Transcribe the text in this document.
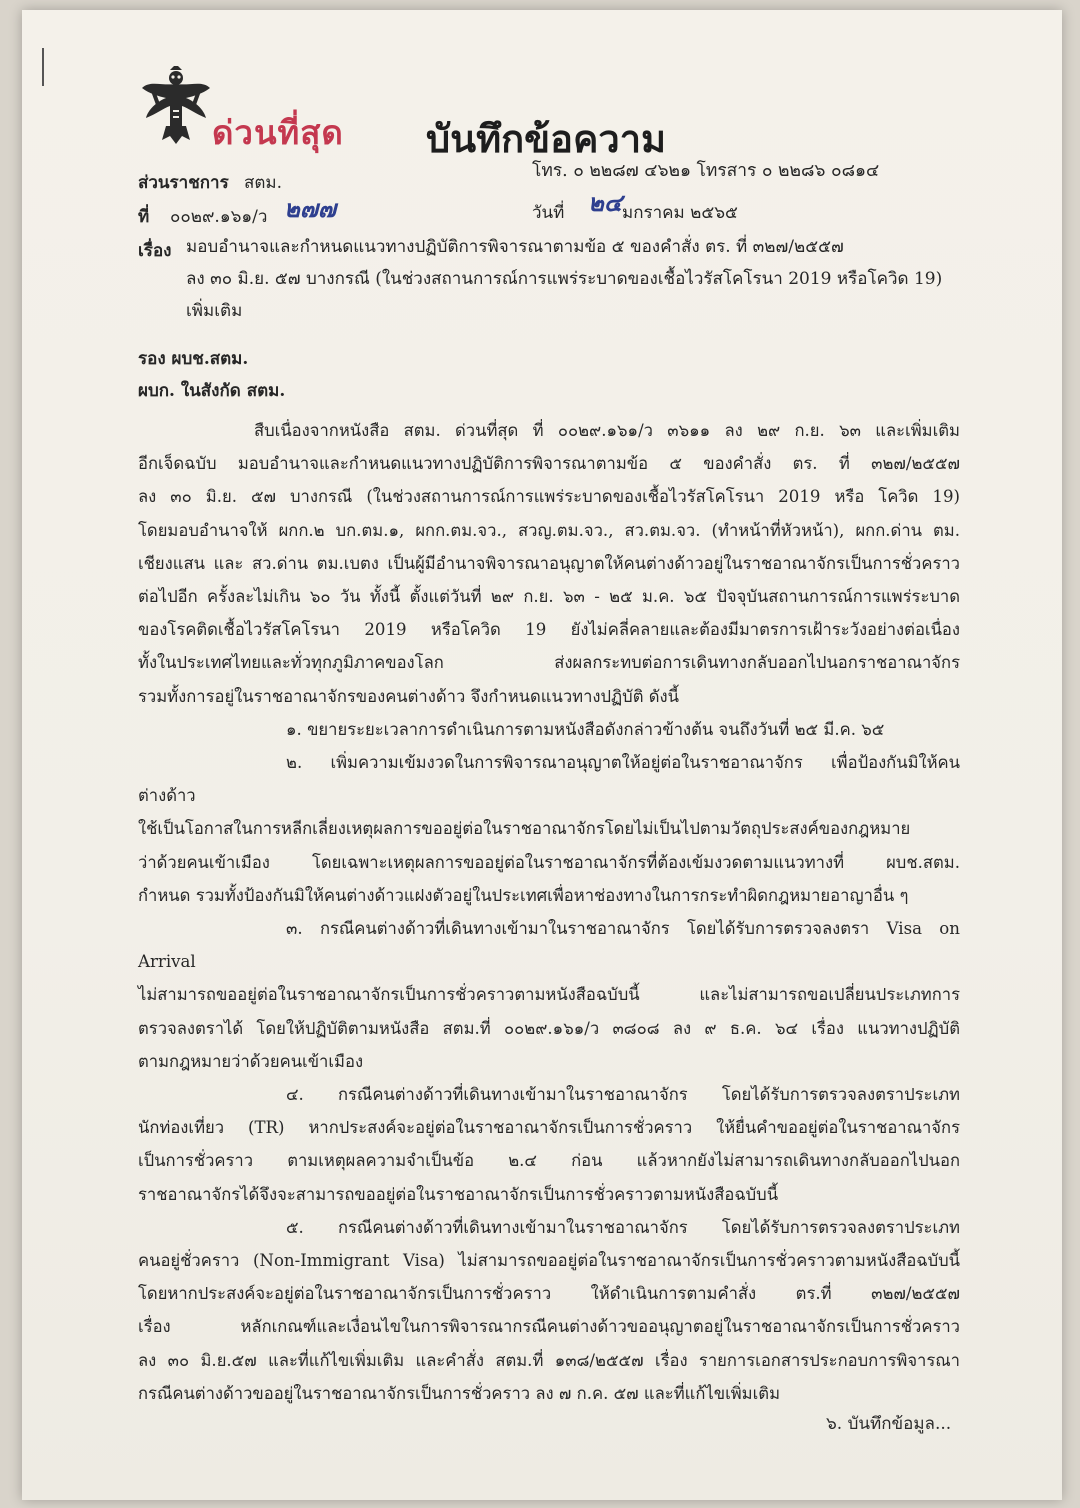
ด่วนที่สุด บันทึกข้อความ
ส่วนราชการ สตม.
โทร. ๐ ๒๒๘๗ ๔๖๒๑ โทรสาร ๐ ๒๒๘๖ ๐๘๑๔
ที่ ๐๐๒๙.๑๖๑/ว ๒๗๗	วันที่ ๒๔ มกราคม ๒๕๖๕
เรื่อง มอบอำนาจและกำหนดแนวทางปฏิบัติการพิจารณาตามข้อ ๕ ของคำสั่ง ตร. ที่ ๓๒๗/๒๕๕๗
ลง ๓๐ มิ.ย. ๕๗ บางกรณี (ในช่วงสถานการณ์การแพร่ระบาดของเชื้อไวรัสโคโรนา 2019 หรือโควิด 19)
เพิ่มเติม
รอง ผบช.สตม.
ผบก. ในสังกัด สตม.

สืบเนื่องจากหนังสือ สตม. ด่วนที่สุด ที่ ๐๐๒๙.๑๖๑/ว ๓๖๑๑ ลง ๒๙ ก.ย. ๖๓ และเพิ่มเติม

อีกเจ็ดฉบับ มอบอำนาจและกำหนดแนวทางปฏิบัติการพิจารณาตามข้อ ๕ ของคำสั่ง ตร. ที่ ๓๒๗/๒๕๕๗

ลง ๓๐ มิ.ย. ๕๗ บางกรณี (ในช่วงสถานการณ์การแพร่ระบาดของเชื้อไวรัสโคโรนา 2019 หรือ โควิด 19)

โดยมอบอำนาจให้ ผกก.๒ บก.ตม.๑, ผกก.ตม.จว., สวญ.ตม.จว., สว.ตม.จว. (ทำหน้าที่หัวหน้า), ผกก.ด่าน ตม.

เชียงแสน และ สว.ด่าน ตม.เบตง เป็นผู้มีอำนาจพิจารณาอนุญาตให้คนต่างด้าวอยู่ในราชอาณาจักรเป็นการชั่วคราว

ต่อไปอีก ครั้งละไม่เกิน ๖๐ วัน ทั้งนี้ ตั้งแต่วันที่ ๒๙ ก.ย. ๖๓ - ๒๕ ม.ค. ๖๕ ปัจจุบันสถานการณ์การแพร่ระบาด

ของโรคติดเชื้อไวรัสโคโรนา 2019 หรือโควิด 19 ยังไม่คลี่คลายและต้องมีมาตรการเฝ้าระวังอย่างต่อเนื่อง

ทั้งในประเทศไทยและทั่วทุกภูมิภาคของโลก ส่งผลกระทบต่อการเดินทางกลับออกไปนอกราชอาณาจักร

รวมทั้งการอยู่ในราชอาณาจักรของคนต่างด้าว จึงกำหนดแนวทางปฏิบัติ ดังนี้

๑. ขยายระยะเวลาการดำเนินการตามหนังสือดังกล่าวข้างต้น จนถึงวันที่ ๒๕ มี.ค. ๖๕

๒. เพิ่มความเข้มงวดในการพิจารณาอนุญาตให้อยู่ต่อในราชอาณาจักร เพื่อป้องกันมิให้คนต่างด้าว

ใช้เป็นโอกาสในการหลีกเลี่ยงเหตุผลการขออยู่ต่อในราชอาณาจักรโดยไม่เป็นไปตามวัตถุประสงค์ของกฎหมาย

ว่าด้วยคนเข้าเมือง โดยเฉพาะเหตุผลการขออยู่ต่อในราชอาณาจักรที่ต้องเข้มงวดตามแนวทางที่ ผบช.สตม.

กำหนด รวมทั้งป้องกันมิให้คนต่างด้าวแฝงตัวอยู่ในประเทศเพื่อหาช่องทางในการกระทำผิดกฎหมายอาญาอื่น ๆ

๓. กรณีคนต่างด้าวที่เดินทางเข้ามาในราชอาณาจักร โดยได้รับการตรวจลงตรา Visa on Arrival

ไม่สามารถขออยู่ต่อในราชอาณาจักรเป็นการชั่วคราวตามหนังสือฉบับนี้ และไม่สามารถขอเปลี่ยนประเภทการ

ตรวจลงตราได้ โดยให้ปฏิบัติตามหนังสือ สตม.ที่ ๐๐๒๙.๑๖๑/ว ๓๘๐๘ ลง ๙ ธ.ค. ๖๔ เรื่อง แนวทางปฏิบัติ

ตามกฎหมายว่าด้วยคนเข้าเมือง

๔. กรณีคนต่างด้าวที่เดินทางเข้ามาในราชอาณาจักร โดยได้รับการตรวจลงตราประเภท

นักท่องเที่ยว (TR) หากประสงค์จะอยู่ต่อในราชอาณาจักรเป็นการชั่วคราว ให้ยื่นคำขออยู่ต่อในราชอาณาจักร

เป็นการชั่วคราว ตามเหตุผลความจำเป็นข้อ ๒.๔ ก่อน แล้วหากยังไม่สามารถเดินทางกลับออกไปนอก

ราชอาณาจักรได้จึงจะสามารถขออยู่ต่อในราชอาณาจักรเป็นการชั่วคราวตามหนังสือฉบับนี้

๕. กรณีคนต่างด้าวที่เดินทางเข้ามาในราชอาณาจักร โดยได้รับการตรวจลงตราประเภท

คนอยู่ชั่วคราว (Non-Immigrant Visa) ไม่สามารถขออยู่ต่อในราชอาณาจักรเป็นการชั่วคราวตามหนังสือฉบับนี้

โดยหากประสงค์จะอยู่ต่อในราชอาณาจักรเป็นการชั่วคราว ให้ดำเนินการตามคำสั่ง ตร.ที่ ๓๒๗/๒๕๕๗

เรื่อง หลักเกณฑ์และเงื่อนไขในการพิจารณากรณีคนต่างด้าวขออนุญาตอยู่ในราชอาณาจักรเป็นการชั่วคราว

ลง ๓๐ มิ.ย.๕๗ และที่แก้ไขเพิ่มเติม และคำสั่ง สตม.ที่ ๑๓๘/๒๕๕๗ เรื่อง รายการเอกสารประกอบการพิจารณา

กรณีคนต่างด้าวขออยู่ในราชอาณาจักรเป็นการชั่วคราว ลง ๗ ก.ค. ๕๗ และที่แก้ไขเพิ่มเติม

๖. บันทึกข้อมูล...
